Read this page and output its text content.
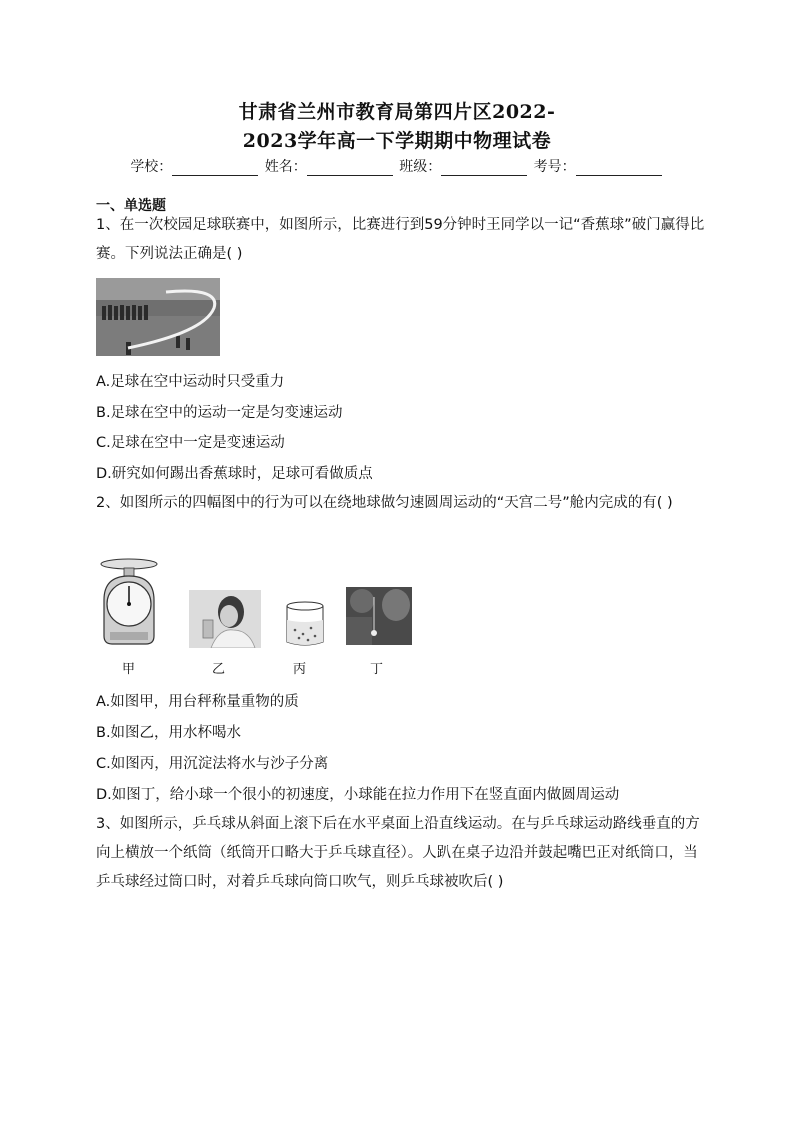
甘肃省兰州市教育局第四片区2022-
2023学年高一下学期期中物理试卷
学校：	姓名：	班级：	考号：
一、单选题
1、在一次校园足球联赛中，如图所示，比赛进行到59分钟时王同学以一记“香蕉球”破门赢得比赛。下列说法正确是( )
A.足球在空中运动时只受重力
B.足球在空中的运动一定是匀变速运动
C.足球在空中一定是变速运动
D.研究如何踢出香蕉球时，足球可看做质点
2、如图所示的四幅图中的行为可以在绕地球做匀速圆周运动的“天宫二号”舱内完成的有( )
甲	乙	丙	丁
A.如图甲，用台秤称量重物的质
B.如图乙，用水杯喝水
C.如图丙，用沉淀法将水与沙子分离
D.如图丁，给小球一个很小的初速度，小球能在拉力作用下在竖直面内做圆周运动
3、如图所示，乒乓球从斜面上滚下后在水平桌面上沿直线运动。在与乒乓球运动路线垂直的方向上横放一个纸筒（纸筒开口略大于乒乓球直径）。人趴在桌子边沿并鼓起嘴巴正对纸筒口，当乒乓球经过筒口时，对着乒乓球向筒口吹气，则乒乓球被吹后( )
